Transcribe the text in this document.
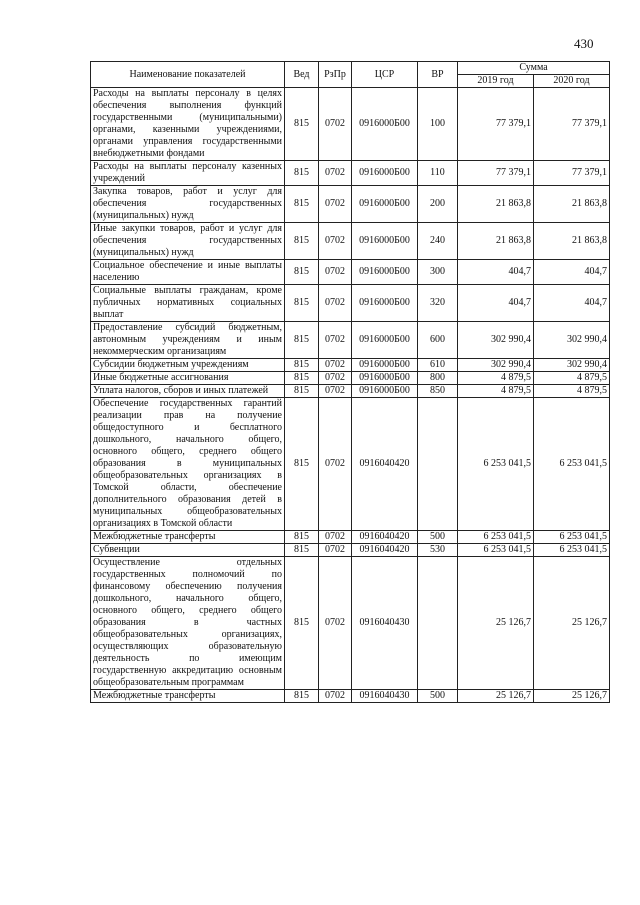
430
Наименование показателей	Вед	РзПр	ЦСР	ВР	Сумма	
					2019 год	2020 год
Расходы на выплаты персоналу в целях обеспечения выполнения функций государственными (муниципальными) органами, казенными учреждениями, органами управления государственными внебюджетными фондами	815	0702	0916000Б00	100	77 379,1	77 379,1
Расходы на выплаты персоналу казенных учреждений	815	0702	0916000Б00	110	77 379,1	77 379,1
Закупка товаров, работ и услуг для обеспечения государственных (муниципальных) нужд	815	0702	0916000Б00	200	21 863,8	21 863,8
Иные закупки товаров, работ и услуг для обеспечения государственных (муниципальных) нужд	815	0702	0916000Б00	240	21 863,8	21 863,8
Социальное обеспечение и иные выплаты населению	815	0702	0916000Б00	300	404,7	404,7
Социальные выплаты гражданам, кроме публичных нормативных социальных выплат	815	0702	0916000Б00	320	404,7	404,7
Предоставление субсидий бюджетным, автономным учреждениям и иным некоммерческим организациям	815	0702	0916000Б00	600	302 990,4	302 990,4
Субсидии бюджетным учреждениям	815	0702	0916000Б00	610	302 990,4	302 990,4
Иные бюджетные ассигнования	815	0702	0916000Б00	800	4 879,5	4 879,5
Уплата налогов, сборов и иных платежей	815	0702	0916000Б00	850	4 879,5	4 879,5
Обеспечение государственных гарантий реализации прав на получение общедоступного и бесплатного дошкольного, начального общего, основного общего, среднего общего образования в муниципальных общеобразовательных организациях в Томской области, обеспечение дополнительного образования детей в муниципальных общеобразовательных организациях в Томской области	815	0702	0916040420		6 253 041,5	6 253 041,5
Межбюджетные трансферты	815	0702	0916040420	500	6 253 041,5	6 253 041,5
Субвенции	815	0702	0916040420	530	6 253 041,5	6 253 041,5
Осуществление отдельных государственных полномочий по финансовому обеспечению получения дошкольного, начального общего, основного общего, среднего общего образования в частных общеобразовательных организациях, осуществляющих образовательную деятельность по имеющим государственную аккредитацию основным общеобразовательным программам	815	0702	0916040430		25 126,7	25 126,7
Межбюджетные трансферты	815	0702	0916040430	500	25 126,7	25 126,7
